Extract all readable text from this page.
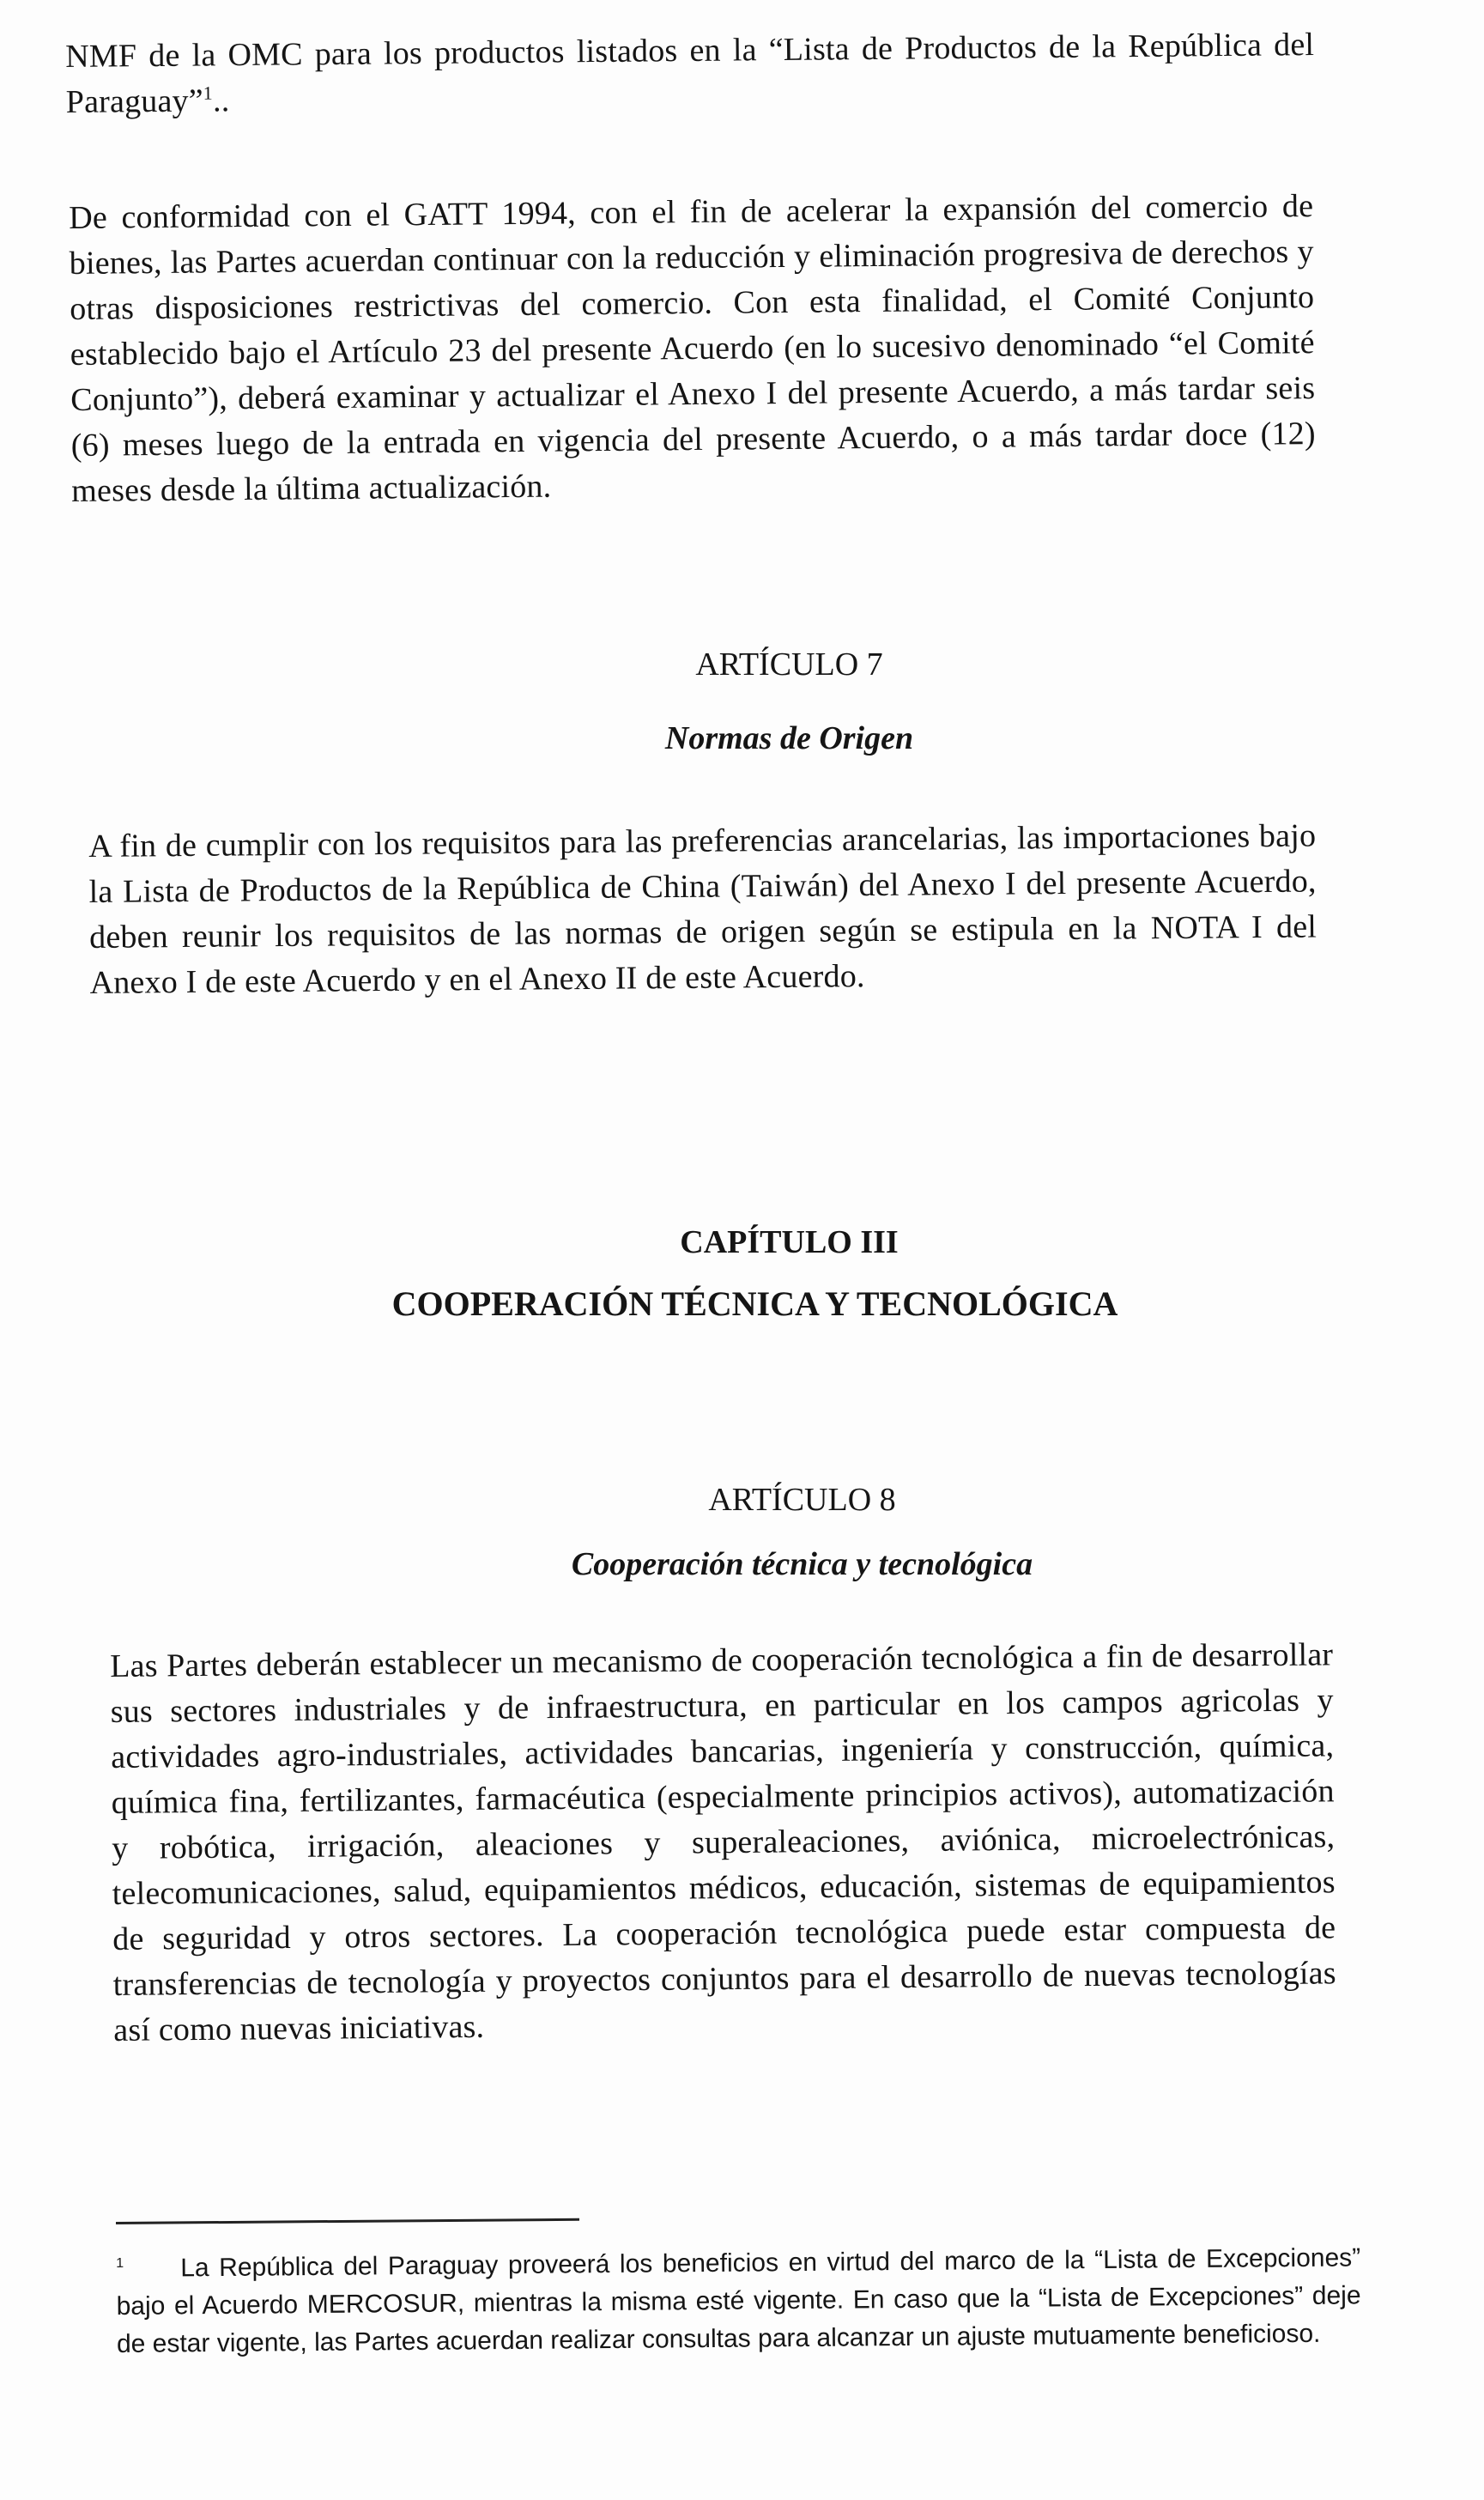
NMF de la OMC para los productos listados en la “Lista de Productos de la República del Paraguay”$^1$..

De conformidad con el GATT 1994, con el fin de acelerar la expansión del comercio de bienes, las Partes acuerdan continuar con la reducción y eliminación progresiva de derechos y otras disposiciones restrictivas del comercio. Con esta finalidad, el Comité Conjunto establecido bajo el Artículo 23 del presente Acuerdo (en lo sucesivo denominado “el Comité Conjunto”), deberá examinar y actualizar el Anexo I del presente Acuerdo, a más tardar seis (6) meses luego de la entrada en vigencia del presente Acuerdo, o a más tardar doce (12) meses desde la última actualización.

ARTÍCULO 7
Normas de Origen

A fin de cumplir con los requisitos para las preferencias arancelarias, las importaciones bajo la Lista de Productos de la República de China (Taiwán) del Anexo I del presente Acuerdo, deben reunir los requisitos de las normas de origen según se estipula en la NOTA I del Anexo I de este Acuerdo y en el Anexo II de este Acuerdo.

CAPÍTULO III
COOPERACIÓN TÉCNICA Y TECNOLÓGICA
ARTÍCULO 8
Cooperación técnica y tecnológica

Las Partes deberán establecer un mecanismo de cooperación tecnológica a fin de desarrollar sus sectores industriales y de infraestructura, en particular en los campos agricolas y actividades agro-industriales, actividades bancarias, ingeniería y construcción, química, química fina, fertilizantes, farmacéutica (especialmente principios activos), automatización y robótica, irrigación, aleaciones y superaleaciones, aviónica, microelectrónicas, telecomunicaciones, salud, equipamientos médicos, educación, sistemas de equipamientos de seguridad y otros sectores. La cooperación tecnológica puede estar compuesta de transferencias de tecnología y proyectos conjuntos para el desarrollo de nuevas tecnologías así como nuevas iniciativas.

1 La República del Paraguay proveerá los beneficios en virtud del marco de la “Lista de Excepciones” bajo el Acuerdo MERCOSUR, mientras la misma esté vigente. En caso que la “Lista de Excepciones” deje de estar vigente, las Partes acuerdan realizar consultas para alcanzar un ajuste mutuamente beneficioso.
